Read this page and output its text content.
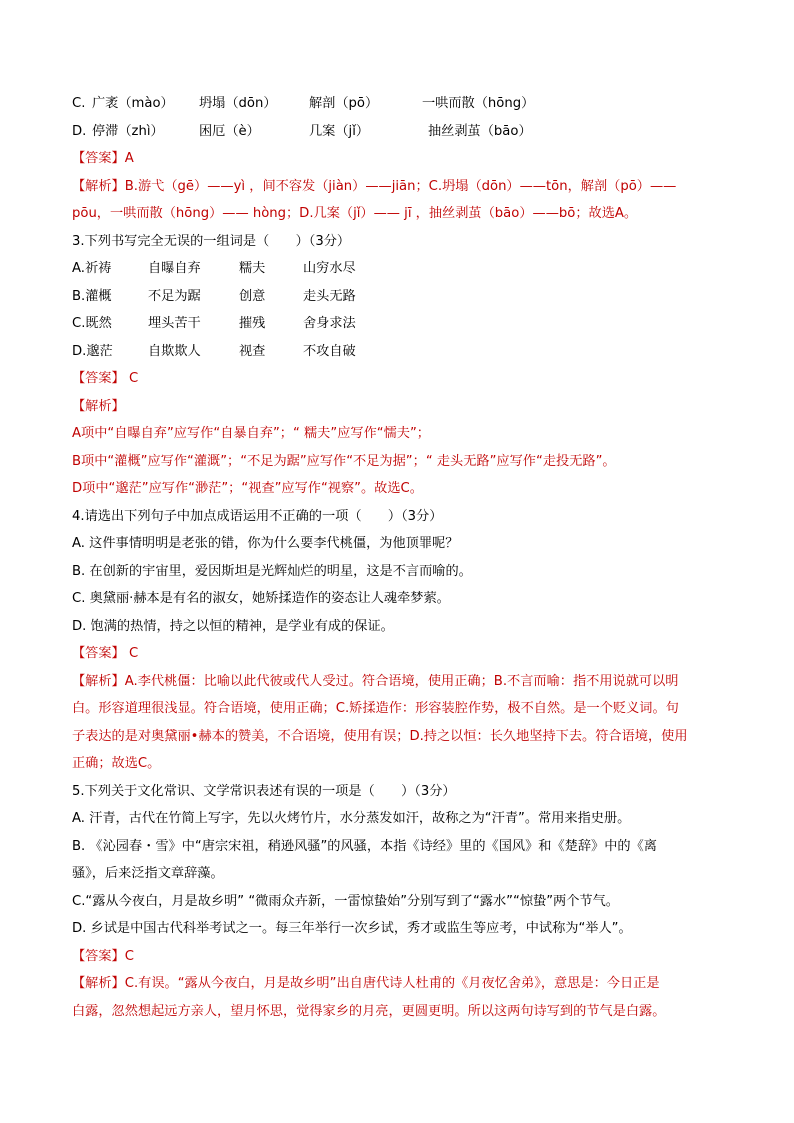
C. 广袤（mào） 坍塌（dōn） 解剖（pō）	一哄而散（hōng）
D. 停滞（zhì）	困厄（è）	几案（jǐ）	抽丝剥茧（bāo）
【答案】A
【解析】B.游弋（gē）——yì ，间不容发（jiàn）——jiān；C.坍塌（dōn）——tōn，解剖（pō）——
pōu，一哄而散（hōng）—— hòng；D.几案（jǐ）—— jī ，抽丝剥茧（bāo）——bō；故选A。
3.下列书写完全无误的一组词是（　　）（3分）
A.祈祷	自曝自弃	糯夫	山穷水尽
B.灌概	不足为踞	创意	走头无路
C.既然	埋头苦干	摧残	舍身求法
D.邈茫	自欺欺人	视查	不攻自破
【答案】 C
【解析】
A项中“自曝自弃”应写作“自暴自弃”；“ 糯夫”应写作“懦夫”；
B项中“灌概”应写作“灌溉”；“不足为踞”应写作“不足为据”；“ 走头无路”应写作“走投无路”。
D项中“邈茫”应写作“渺茫”；“视查”应写作“视察”。故选C。
4.请选出下列句子中加点成语运用不正确的一项（　　）（3分）
A. 这件事情明明是老张的错，你为什么要李代桃僵，为他顶罪呢？
B. 在创新的宇宙里，爱因斯坦是光辉灿烂的明星，这是不言而喻的。
C. 奥黛丽·赫本是有名的淑女，她矫揉造作的姿态让人魂牵梦萦。
D. 饱满的热情，持之以恒的精神，是学业有成的保证。
【答案】 C
【解析】A.李代桃僵：比喻以此代彼或代人受过。符合语境，使用正确；B.不言而喻：指不用说就可以明
白。形容道理很浅显。符合语境，使用正确；C.矫揉造作：形容装腔作势，极不自然。是一个贬义词。句
子表达的是对奥黛丽•赫本的赞美，不合语境，使用有误；D.持之以恒：长久地坚持下去。符合语境，使用
正确；故选C。
5.下列关于文化常识、文学常识表述有误的一项是（　　）（3分）
A. 汗青，古代在竹简上写字，先以火烤竹片，水分蒸发如汗，故称之为“汗青”。常用来指史册。
B. 《沁园春・雪》中“唐宗宋祖，稍逊风骚”的风骚，本指《诗经》里的《国风》和《楚辞》中的《离
骚》，后来泛指文章辞藻。
C.“露从今夜白，月是故乡明” “微雨众卉新，一雷惊蛰始”分别写到了“露水”“惊蛰”两个节气。
D. 乡试是中国古代科举考试之一。每三年举行一次乡试，秀才或监生等应考，中试称为“举人”。
【答案】C
【解析】C.有误。“露从今夜白，月是故乡明”出自唐代诗人杜甫的《月夜忆舍弟》，意思是：今日正是
白露，忽然想起远方亲人，望月怀思，觉得家乡的月亮，更圆更明。所以这两句诗写到的节气是白露。
